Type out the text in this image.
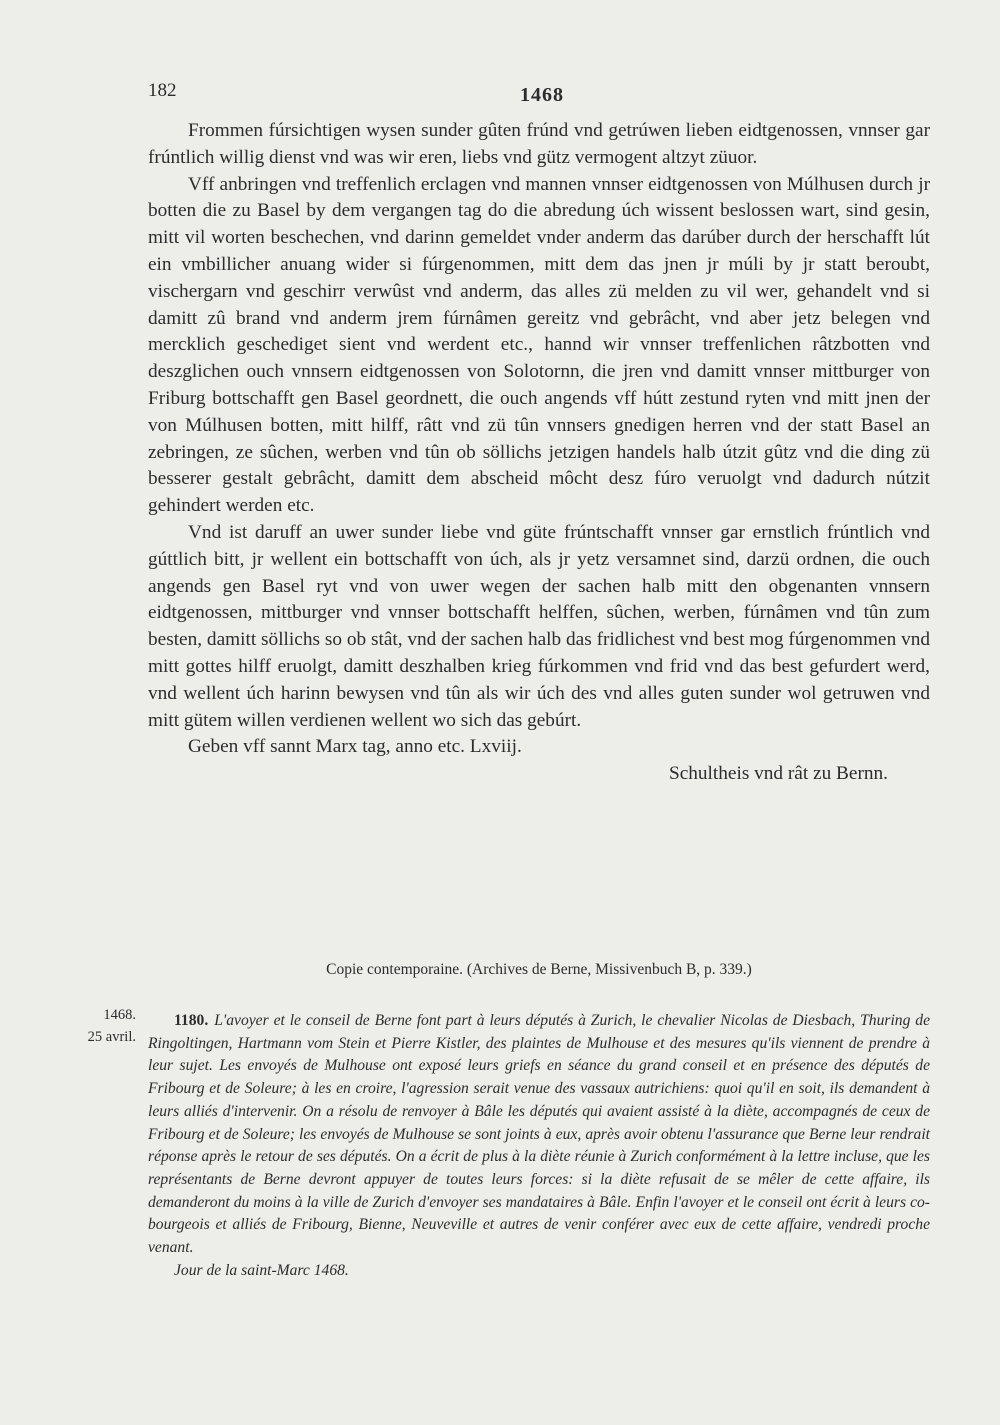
182	1468

Frommen fúrsichtigen wysen sunder gûten frúnd vnd getrúwen lieben eidtgenossen, vnnser gar frúntlich willig dienst vnd was wir eren, liebs vnd gütz vermogent altzyt züuor.

Vff anbringen vnd treffenlich erclagen vnd mannen vnnser eidtgenossen von Múlhusen durch jr botten die zu Basel by dem vergangen tag do die abredung úch wissent beslossen wart, sind gesin, mitt vil worten beschechen, vnd darinn gemeldet vnder anderm das darúber durch der herschafft lút ein vmbillicher anuang wider si fúrgenommen, mitt dem das jnen jr múli by jr statt beroubt, vischergarn vnd geschirr verwûst vnd anderm, das alles zü melden zu vil wer, gehandelt vnd si damitt zû brand vnd anderm jrem fúrnâmen gereitz vnd gebrâcht, vnd aber jetz belegen vnd mercklich geschediget sient vnd werdent etc., hannd wir vnnser treffenlichen râtzbotten vnd deszglichen ouch vnnsern eidtgenossen von Solotornn, die jren vnd damitt vnnser mittburger von Friburg bottschafft gen Basel geordnett, die ouch angends vff hútt zestund ryten vnd mitt jnen der von Múlhusen botten, mitt hilff, râtt vnd zü tûn vnnsers gnedigen herren vnd der statt Basel an zebringen, ze sûchen, werben vnd tûn ob söllichs jetzigen handels halb útzit gûtz vnd die ding zü besserer gestalt gebrâcht, damitt dem abscheid môcht desz fúro veruolgt vnd dadurch nútzit gehindert werden etc.

Vnd ist daruff an uwer sunder liebe vnd güte frúntschafft vnnser gar ernstlich frúntlich vnd gúttlich bitt, jr wellent ein bottschafft von úch, als jr yetz versamnet sind, darzü ordnen, die ouch angends gen Basel ryt vnd von uwer wegen der sachen halb mitt den obgenanten vnnsern eidtgenossen, mittburger vnd vnnser bottschafft helffen, sûchen, werben, fúrnâmen vnd tûn zum besten, damitt söllichs so ob stât, vnd der sachen halb das fridlichest vnd best mog fúrgenommen vnd mitt gottes hilff eruolgt, damitt deszhalben krieg fúrkommen vnd frid vnd das best gefurdert werd, vnd wellent úch harinn bewysen vnd tûn als wir úch des vnd alles guten sunder wol getruwen vnd mitt gütem willen verdienen wellent wo sich das gebúrt.

Geben vff sannt Marx tag, anno etc. Lxviij.

Schultheis vnd rât zu Bernn.

Copie contemporaine. (Archives de Berne, Missivenbuch B, p. 339.)
1468.
25 avril.

1180. L'avoyer et le conseil de Berne font part à leurs députés à Zurich, le chevalier Nicolas de Diesbach, Thuring de Ringoltingen, Hartmann vom Stein et Pierre Kistler, des plaintes de Mulhouse et des mesures qu'ils viennent de prendre à leur sujet. Les envoyés de Mulhouse ont exposé leurs griefs en séance du grand conseil et en présence des députés de Fribourg et de Soleure; à les en croire, l'agression serait venue des vassaux autrichiens: quoi qu'il en soit, ils demandent à leurs alliés d'intervenir. On a résolu de renvoyer à Bâle les députés qui avaient assisté à la diète, accompagnés de ceux de Fribourg et de Soleure; les envoyés de Mulhouse se sont joints à eux, après avoir obtenu l'assurance que Berne leur rendrait réponse après le retour de ses députés. On a écrit de plus à la diète réunie à Zurich conformément à la lettre incluse, que les représentants de Berne devront appuyer de toutes leurs forces: si la diète refusait de se mêler de cette affaire, ils demanderont du moins à la ville de Zurich d'envoyer ses mandataires à Bâle. Enfin l'avoyer et le conseil ont écrit à leurs co-bourgeois et alliés de Fribourg, Bienne, Neuveville et autres de venir conférer avec eux de cette affaire, vendredi proche venant.

Jour de la saint-Marc 1468.
